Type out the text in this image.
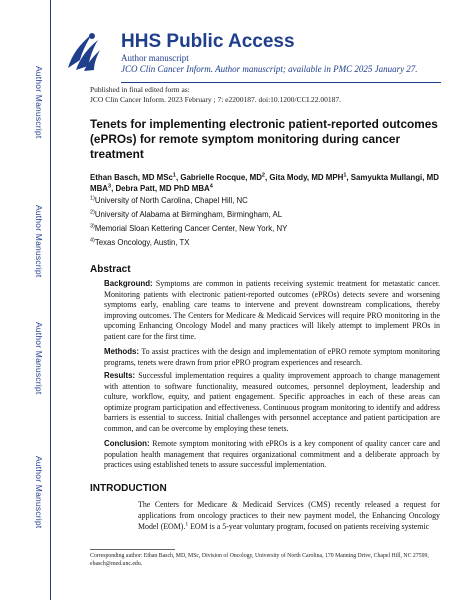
Author Manuscript
Author Manuscript
Author Manuscript
Author Manuscript
HHS Public Access
Author manuscript
JCO Clin Cancer Inform. Author manuscript; available in PMC 2025 January 27.
Published in final edited form as:
JCO Clin Cancer Inform. 2023 February ; 7: e2200187. doi:10.1200/CCI.22.00187.
Tenets for implementing electronic patient-reported outcomes (ePROs) for remote symptom monitoring during cancer treatment
Ethan Basch, MD MSc$^1$, Gabrielle Rocque, $MD^2$, Gita Mody, MD MPH$^1$, Samyukta Mullangi, MD MBA$^3$, Debra Patt, MD PhD MBA$^4$
$^{1)}$University of North Carolina, Chapel Hill, NC
$^{2)}$University of Alabama at Birmingham, Birmingham, AL
$^{3)}$Memorial Sloan Kettering Cancer Center, New York, NY
$^{4)}$Texas Oncology, Austin, TX
Abstract
Background: Symptoms are common in patients receiving systemic treatment for metastatic cancer. Monitoring patients with electronic patient-reported outcomes (ePROs) detects severe and worsening symptoms early, enabling care teams to intervene and prevent downstream complications, thereby improving outcomes. The Centers for Medicare & Medicaid Services will require PRO monitoring in the upcoming Enhancing Oncology Model and many practices will likely attempt to implement PROs in patient care for the first time.
Methods: To assist practices with the design and implementation of ePRO remote symptom monitoring programs, tenets were drawn from prior ePRO program experiences and research.
Results: Successful implementation requires a quality improvement approach to change management with attention to software functionality, measured outcomes, personnel deployment, leadership and culture, workflow, equity, and patient engagement. Specific approaches in each of these areas can optimize program participation and effectiveness. Continuous program monitoring to identify and address barriers is essential to success. Initial challenges with personnel acceptance and patient participation are common, and can be overcome by employing these tenets.
Conclusion: Remote symptom monitoring with ePROs is a key component of quality cancer care and population health management that requires organizational commitment and a deliberate approach by practices using established tenets to assure successful implementation.
INTRODUCTION

The Centers for Medicare & Medicaid Services (CMS) recently released a request for applications from oncology practices to their new payment model, the Enhancing Oncology Model (EOM).$^1$ EOM is a 5-year voluntary program, focused on patients receiving systemic

Corresponding author: Ethan Basch, MD, MSc, Division of Oncology, University of North Carolina, 170 Manning Drive, Chapel Hill, NC 27599, ebasch@med.unc.edu.
